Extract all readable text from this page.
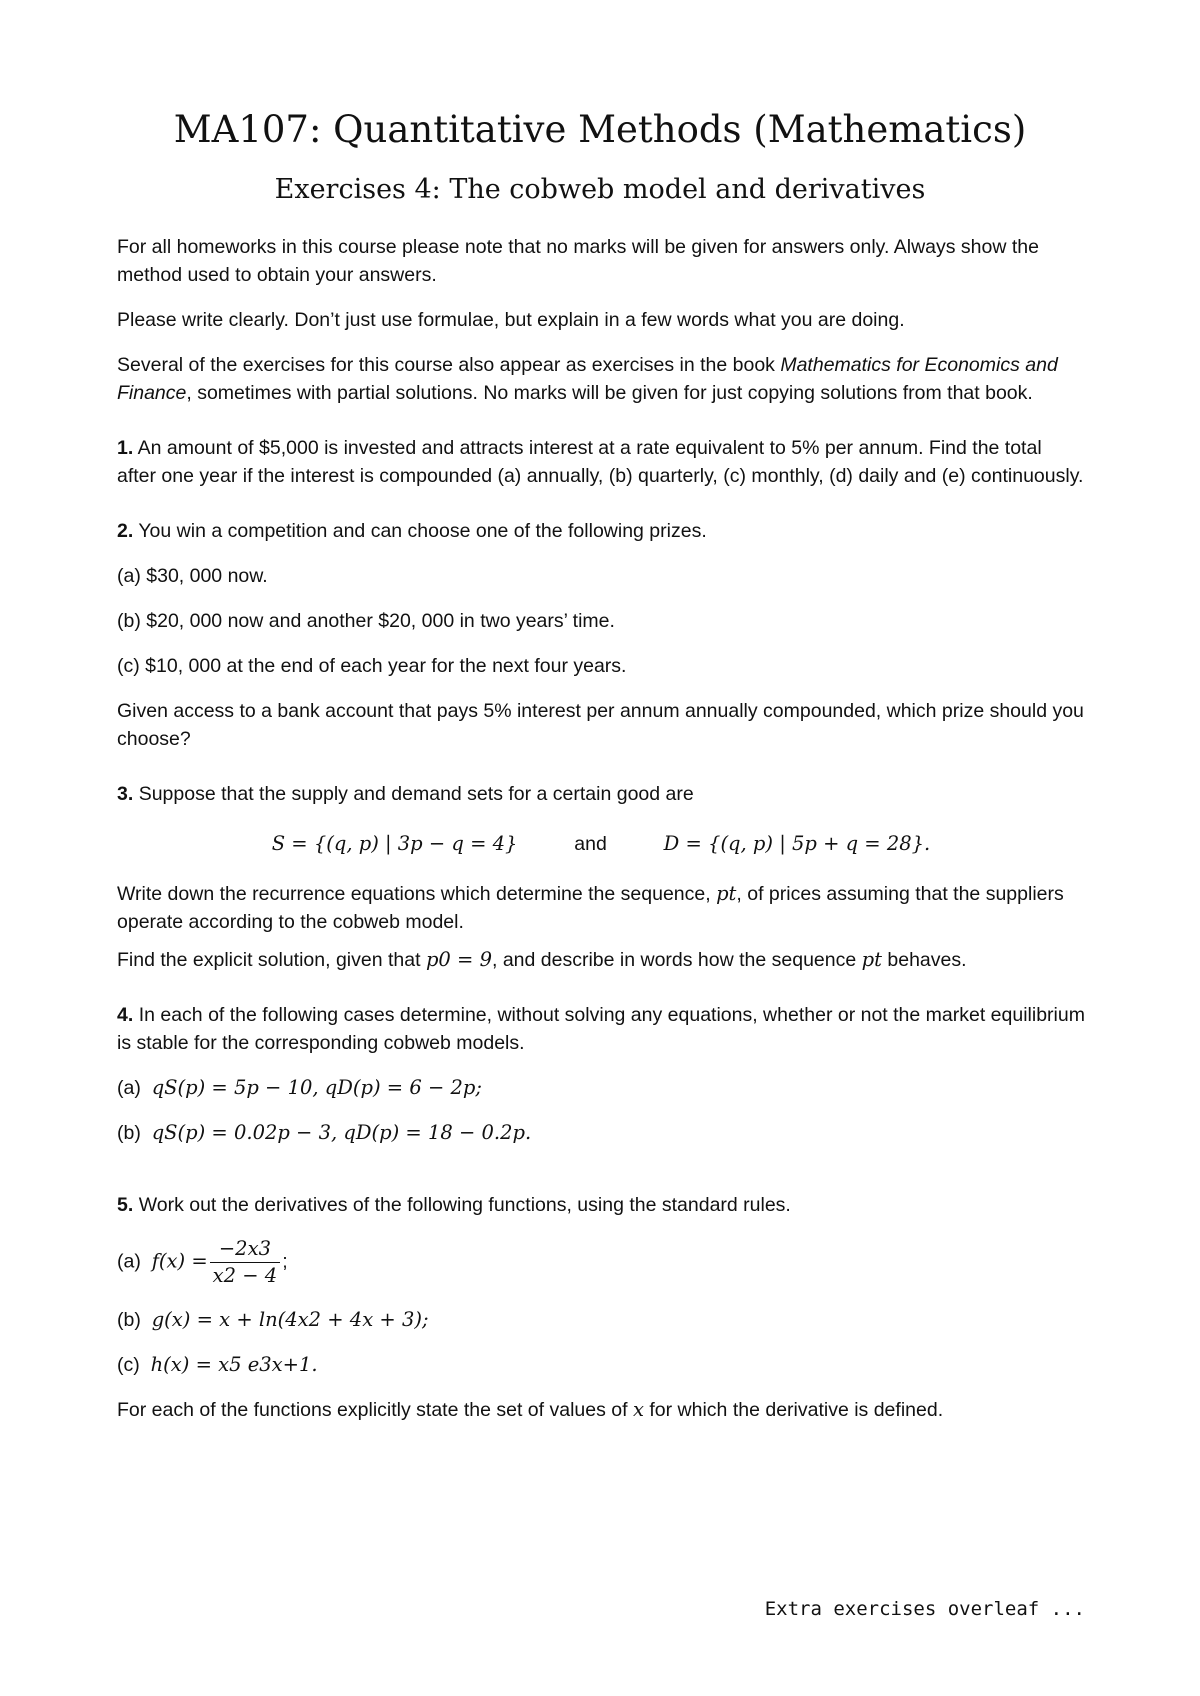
MA107: Quantitative Methods (Mathematics)
Exercises 4: The cobweb model and derivatives

For all homeworks in this course please note that no marks will be given for answers only. Always show the method used to obtain your answers.

Please write clearly. Don’t just use formulae, but explain in a few words what you are doing.

Several of the exercises for this course also appear as exercises in the book Mathematics for Economics and Finance, sometimes with partial solutions. No marks will be given for just copying solutions from that book.

1. An amount of $5,000 is invested and attracts interest at a rate equivalent to 5% per annum. Find the total after one year if the interest is compounded (a) annually, (b) quarterly, (c) monthly, (d) daily and (e) continuously.

2. You win a competition and can choose one of the following prizes.

(a) $30, 000 now.

(b) $20, 000 now and another $20, 000 in two years’ time.

(c) $10, 000 at the end of each year for the next four years.

Given access to a bank account that pays 5% interest per annum annually compounded, which prize should you choose?

3. Suppose that the supply and demand sets for a certain good are

S = {(q, p) | 3p − q = 4}	and	D = {(q, p) | 5p + q = 28}.

Write down the recurrence equations which determine the sequence, pt, of prices assuming that the suppliers operate according to the cobweb model.

Find the explicit solution, given that p0 = 9, and describe in words how the sequence pt behaves.

4. In each of the following cases determine, without solving any equations, whether or not the market equilibrium is stable for the corresponding cobweb models.

(a) qS(p) = 5p − 10, qD(p) = 6 − 2p;

(b) qS(p) = 0.02p − 3, qD(p) = 18 − 0.2p.

5. Work out the derivatives of the following functions, using the standard rules.

(a) $f(x) = \frac{-2x3}{x2 - 4}$ ;

(b) g(x) = x + ln(4x2 + 4x + 3);

(c) h(x) = x5 e3x+1.

For each of the functions explicitly state the set of values of x for which the derivative is defined.

Extra exercises overleaf ...
